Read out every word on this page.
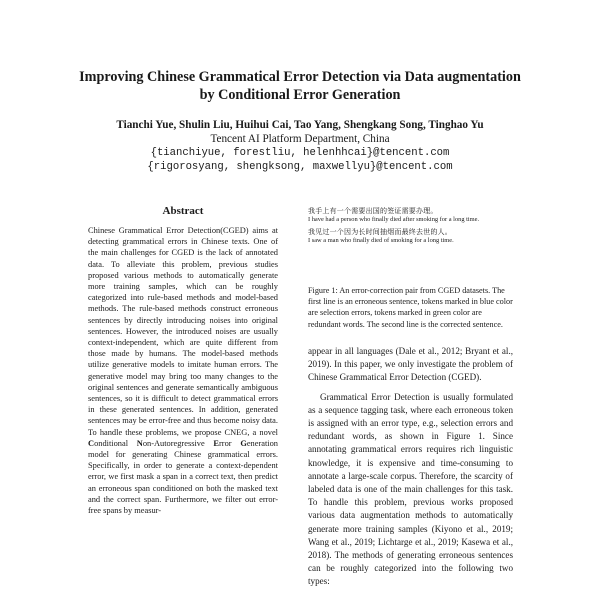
Improving Chinese Grammatical Error Detection via Data augmentation
by Conditional Error Generation
Tianchi Yue, Shulin Liu, Huihui Cai, Tao Yang, Shengkang Song, Tinghao Yu
Tencent AI Platform Department, China
{tianchiyue, forestliu, helenhhcai}@tencent.com
{rigorosyang, shengksong, maxwellyu}@tencent.com
Abstract
Chinese Grammatical Error Detection(CGED) aims at detecting grammatical errors in Chinese texts. One of the main challenges for CGED is the lack of annotated data. To alleviate this problem, previous studies proposed various methods to automatically generate more training samples, which can be roughly categorized into rule-based methods and model-based methods. The rule-based methods construct erroneous sentences by directly introducing noises into original sentences. However, the introduced noises are usually context-independent, which are quite different from those made by humans. The model-based methods utilize generative models to imitate human errors. The generative model may bring too many changes to the original sentences and generate semantically ambiguous sentences, so it is difficult to detect grammatical errors in these generated sentences. In addition, generated sentences may be error-free and thus become noisy data. To handle these problems, we propose CNEG, a novel Conditional Non-Autoregressive Error Generation model for generating Chinese grammatical errors. Specifically, in order to generate a context-dependent error, we first mask a span in a correct text, then predict an erroneous span conditioned on both the masked text and the correct span. Furthermore, we filter out error-free spans by measur-
我手上有一个需要出国的签证需要办理。
I have had a person who finally died after smoking for a long time.
我见过一个因为长时间抽烟而最终去世的人。
I saw a man who finally died of smoking for a long time.
Figure 1: An error-correction pair from CGED datasets. The first line is an erroneous sentence, tokens marked in blue color are selection errors, tokens marked in green color are redundant words. The second line is the corrected sentence.

appear in all languages (Dale et al., 2012; Bryant et al., 2019). In this paper, we only investigate the problem of Chinese Grammatical Error Detection (CGED).

Grammatical Error Detection is usually formulated as a sequence tagging task, where each erroneous token is assigned with an error type, e.g., selection errors and redundant words, as shown in Figure 1. Since annotating grammatical errors requires rich linguistic knowledge, it is expensive and time-consuming to annotate a large-scale corpus. Therefore, the scarcity of labeled data is one of the main challenges for this task. To handle this problem, previous works proposed various data augmentation methods to automatically generate more training samples (Kiyono et al., 2019; Wang et al., 2019; Lichtarge et al., 2019; Kasewa et al., 2018). The methods of generating erroneous sentences can be roughly categorized into the following two types:
